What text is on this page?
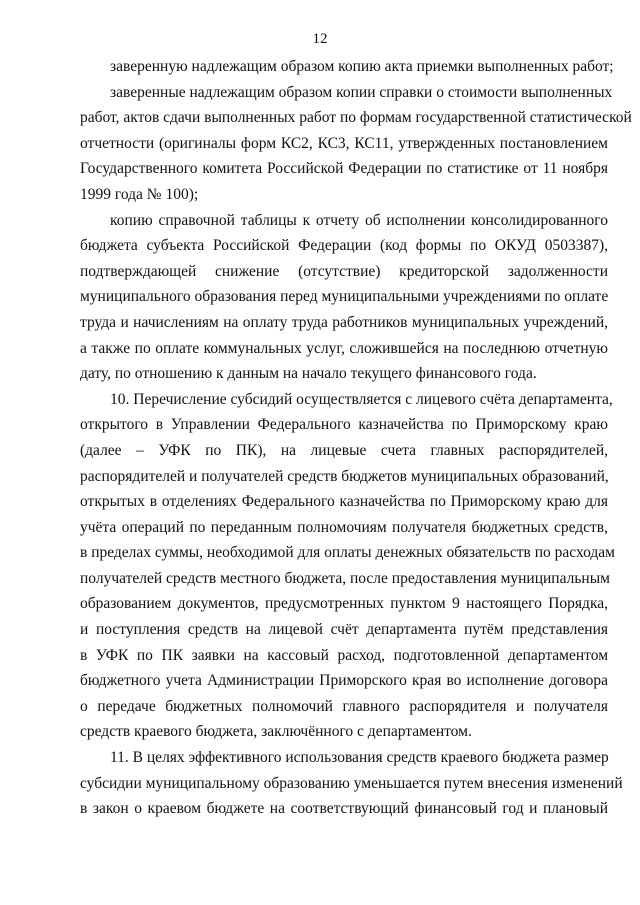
12

заверенную надлежащим образом копию акта приемки выполненных работ;

заверенные надлежащим образом копии справки о стоимости выполненных
работ, актов сдачи выполненных работ по формам государственной статистической
отчетности (оригиналы форм КС2, КС3, КС11, утвержденных постановлением
Государственного комитета Российской Федерации по статистике от 11 ноября
1999 года № 100);

копию справочной таблицы к отчету об исполнении консолидированного
бюджета субъекта Российской Федерации (код формы по ОКУД 0503387),
подтверждающей снижение (отсутствие) кредиторской задолженности
муниципального образования перед муниципальными учреждениями по оплате
труда и начислениям на оплату труда работников муниципальных учреждений,
а также по оплате коммунальных услуг, сложившейся на последнюю отчетную
дату, по отношению к данным на начало текущего финансового года.

10. Перечисление субсидий осуществляется с лицевого счёта департамента,
открытого в Управлении Федерального казначейства по Приморскому краю
(далее – УФК по ПК), на лицевые счета главных распорядителей,
распорядителей и получателей средств бюджетов муниципальных образований,
открытых в отделениях Федерального казначейства по Приморскому краю для
учёта операций по переданным полномочиям получателя бюджетных средств,
в пределах суммы, необходимой для оплаты денежных обязательств по расходам
получателей средств местного бюджета, после предоставления муниципальным
образованием документов, предусмотренных пунктом 9 настоящего Порядка,
и поступления средств на лицевой счёт департамента путём представления
в УФК по ПК заявки на кассовый расход, подготовленной департаментом
бюджетного учета Администрации Приморского края во исполнение договора
о передаче бюджетных полномочий главного распорядителя и получателя
средств краевого бюджета, заключённого с департаментом.

11. В целях эффективного использования средств краевого бюджета размер
субсидии муниципальному образованию уменьшается путем внесения изменений
в закон о краевом бюджете на соответствующий финансовый год и плановый
